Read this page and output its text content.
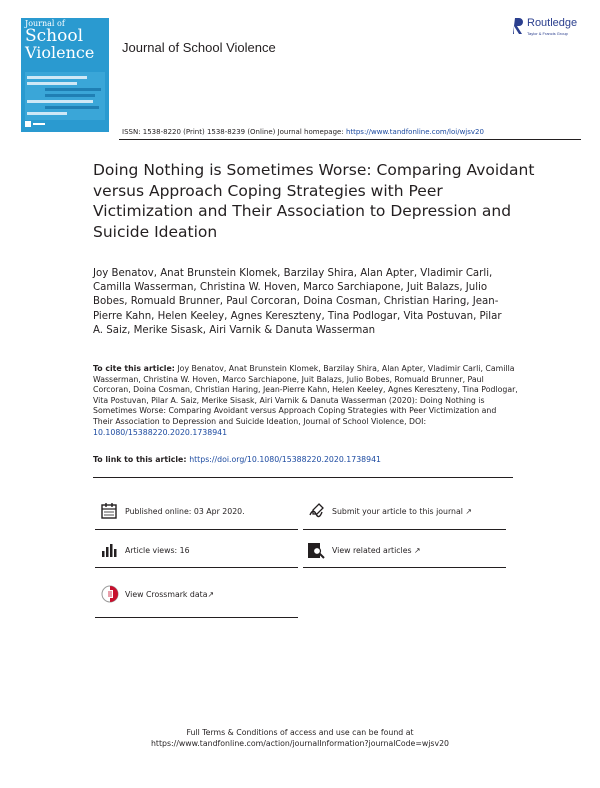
Journal of
School
Violence	Journal of School Violence
Routledge
Taylor & Francis Group
ISSN: 1538-8220 (Print) 1538-8239 (Online) Journal homepage: https://www.tandfonline.com/loi/wjsv20
Doing Nothing is Sometimes Worse: Comparing Avoidant versus Approach Coping Strategies with Peer Victimization and Their Association to Depression and Suicide Ideation
Joy Benatov, Anat Brunstein Klomek, Barzilay Shira, Alan Apter, Vladimir Carli, Camilla Wasserman, Christina W. Hoven, Marco Sarchiapone, Juit Balazs, Julio Bobes, Romuald Brunner, Paul Corcoran, Doina Cosman, Christian Haring, Jean-Pierre Kahn, Helen Keeley, Agnes Kereszteny, Tina Podlogar, Vita Postuvan, Pilar A. Saiz, Merike Sisask, Airi Varnik & Danuta Wasserman
To cite this article: Joy Benatov, Anat Brunstein Klomek, Barzilay Shira, Alan Apter, Vladimir Carli, Camilla Wasserman, Christina W. Hoven, Marco Sarchiapone, Juit Balazs, Julio Bobes, Romuald Brunner, Paul Corcoran, Doina Cosman, Christian Haring, Jean-Pierre Kahn, Helen Keeley, Agnes Kereszteny, Tina Podlogar, Vita Postuvan, Pilar A. Saiz, Merike Sisask, Airi Varnik & Danuta Wasserman (2020): Doing Nothing is Sometimes Worse: Comparing Avoidant versus Approach Coping Strategies with Peer Victimization and Their Association to Depression and Suicide Ideation, Journal of School Violence, DOI: 10.1080/15388220.2020.1738941
To link to this article: https://doi.org/10.1080/15388220.2020.1738941
Published online: 03 Apr 2020.	Submit your article to this journal ↗
Article views: 16	View related articles ↗
View Crossmark data↗
Full Terms & Conditions of access and use can be found at
https://www.tandfonline.com/action/journalInformation?journalCode=wjsv20
